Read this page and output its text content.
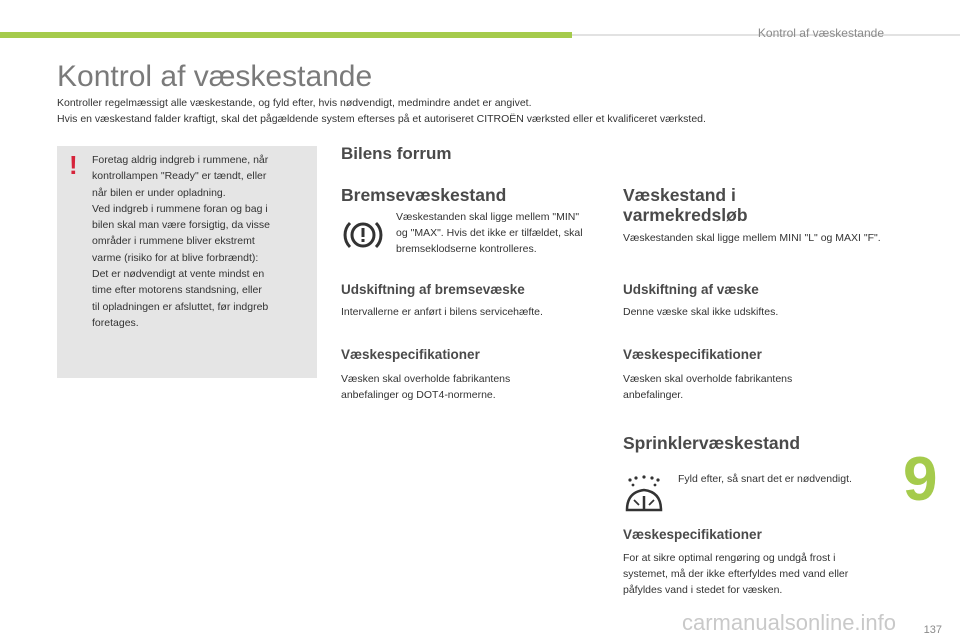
Kontrol af væskestande
Kontrol af væskestande
Kontroller regelmæssigt alle væskestande, og fyld efter, hvis nødvendigt, medmindre andet er angivet.
Hvis en væskestand falder kraftigt, skal det pågældende system efterses på et autoriseret CITROËN værksted eller et kvalificeret værksted.
! Foretag aldrig indgreb i rummene, når
kontrollampen "Ready" er tændt, eller
når bilen er under opladning.
Ved indgreb i rummene foran og bag i
bilen skal man være forsigtig, da visse
områder i rummene bliver ekstremt
varme (risiko for at blive forbrændt):
Det er nødvendigt at vente mindst en
time efter motorens standsning, eller
til opladningen er afsluttet, før indgreb
foretages.
Bilens forrum
Bremsevæskestand
Væskestanden skal ligge mellem "MIN" og "MAX". Hvis det ikke er tilfældet, skal bremseklodserne kontrolleres.
Udskiftning af bremsevæske
Intervallerne er anført i bilens servicehæfte.
Væskespecifikationer
Væsken skal overholde fabrikantens anbefalinger og DOT4-normerne.
Væskestand i varmekredsløb
Væskestanden skal ligge mellem MINI "L" og MAXI "F".
Udskiftning af væske
Denne væske skal ikke udskiftes.
Væskespecifikationer
Væsken skal overholde fabrikantens anbefalinger.
Sprinklervæskestand
Fyld efter, så snart det er nødvendigt.
Væskespecifikationer
For at sikre optimal rengøring og undgå frost i systemet, må der ikke efterfyldes med vand eller påfyldes vand i stedet for væsken.
9
137
carmanualsonline.info
